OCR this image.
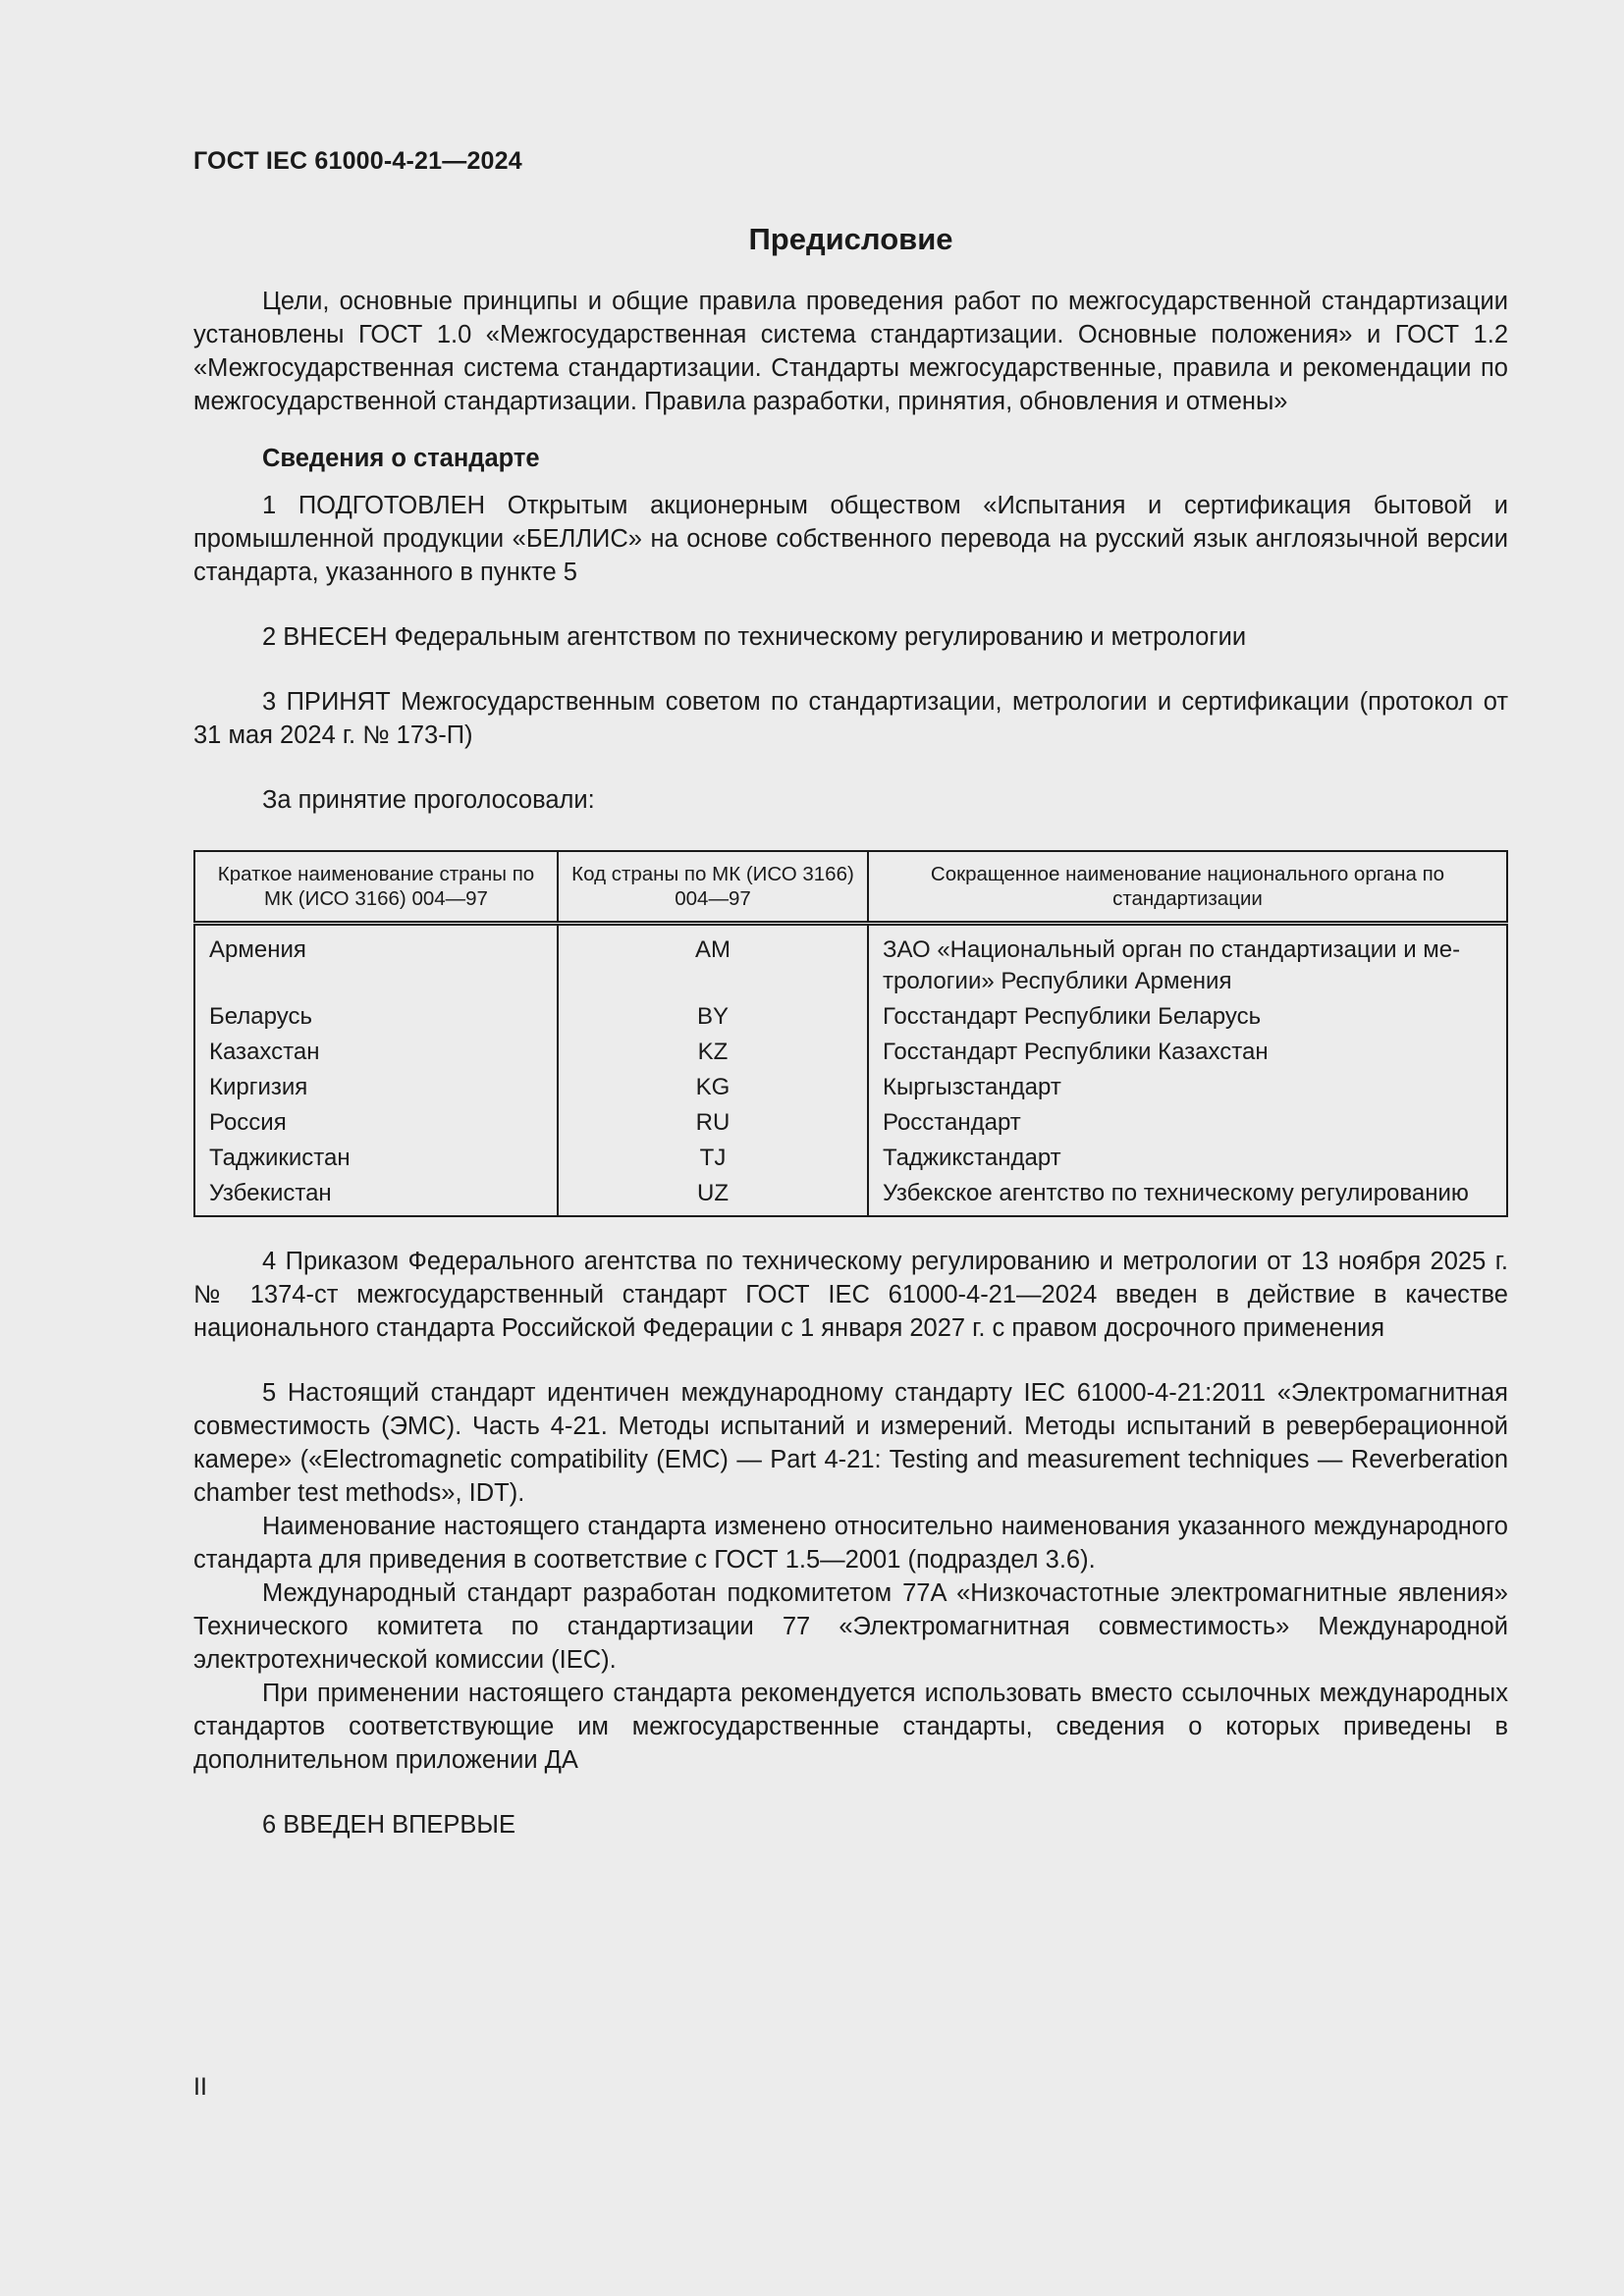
ГОСТ IEC 61000-4-21—2024
Предисловие

Цели, основные принципы и общие правила проведения работ по межгосударственной стандартизации установлены ГОСТ 1.0 «Межгосударственная система стандартизации. Основные положения» и ГОСТ 1.2 «Межгосударственная система стандартизации. Стандарты межгосударственные, правила и рекомендации по межгосударственной стандартизации. Правила разработки, принятия, обновления и отмены»

Сведения о стандарте

1 ПОДГОТОВЛЕН Открытым акционерным обществом «Испытания и сертификация бытовой и промышленной продукции «БЕЛЛИС» на основе собственного перевода на русский язык англоязычной версии стандарта, указанного в пункте 5

2 ВНЕСЕН Федеральным агентством по техническому регулированию и метрологии

3 ПРИНЯТ Межгосударственным советом по стандартизации, метрологии и сертификации (протокол от 31 мая 2024 г. № 173-П)

За принятие проголосовали:

Краткое наименование страны по МК (ИСО 3166) 004—97	Код страны по МК (ИСО 3166) 004—97	Сокращенное наименование национального органа по стандартизации
Армения	AM	ЗАО «Национальный орган по стандартизации и метрологии» Республики Армения
Беларусь	BY	Госстандарт Республики Беларусь
Казахстан	KZ	Госстандарт Республики Казахстан
Киргизия	KG	Кыргызстандарт
Россия	RU	Росстандарт
Таджикистан	TJ	Таджикстандарт
Узбекистан	UZ	Узбекское агентство по техническому регулированию

4 Приказом Федерального агентства по техническому регулированию и метрологии от 13 ноября 2025 г. № 1374-ст межгосударственный стандарт ГОСТ IEC 61000-4-21—2024 введен в действие в качестве национального стандарта Российской Федерации с 1 января 2027 г. с правом досрочного применения

5 Настоящий стандарт идентичен международному стандарту IEC 61000-4-21:2011 «Электромагнитная совместимость (ЭМС). Часть 4-21. Методы испытаний и измерений. Методы испытаний в реверберационной камере» («Electromagnetic compatibility (EMC) — Part 4-21: Testing and measurement techniques — Reverberation chamber test methods», IDT).

Наименование настоящего стандарта изменено относительно наименования указанного международного стандарта для приведения в соответствие с ГОСТ 1.5—2001 (подраздел 3.6).

Международный стандарт разработан подкомитетом 77A «Низкочастотные электромагнитные явления» Технического комитета по стандартизации 77 «Электромагнитная совместимость» Международной электротехнической комиссии (IEC).

При применении настоящего стандарта рекомендуется использовать вместо ссылочных международных стандартов соответствующие им межгосударственные стандарты, сведения о которых приведены в дополнительном приложении ДА

6 ВВЕДЕН ВПЕРВЫЕ

II
